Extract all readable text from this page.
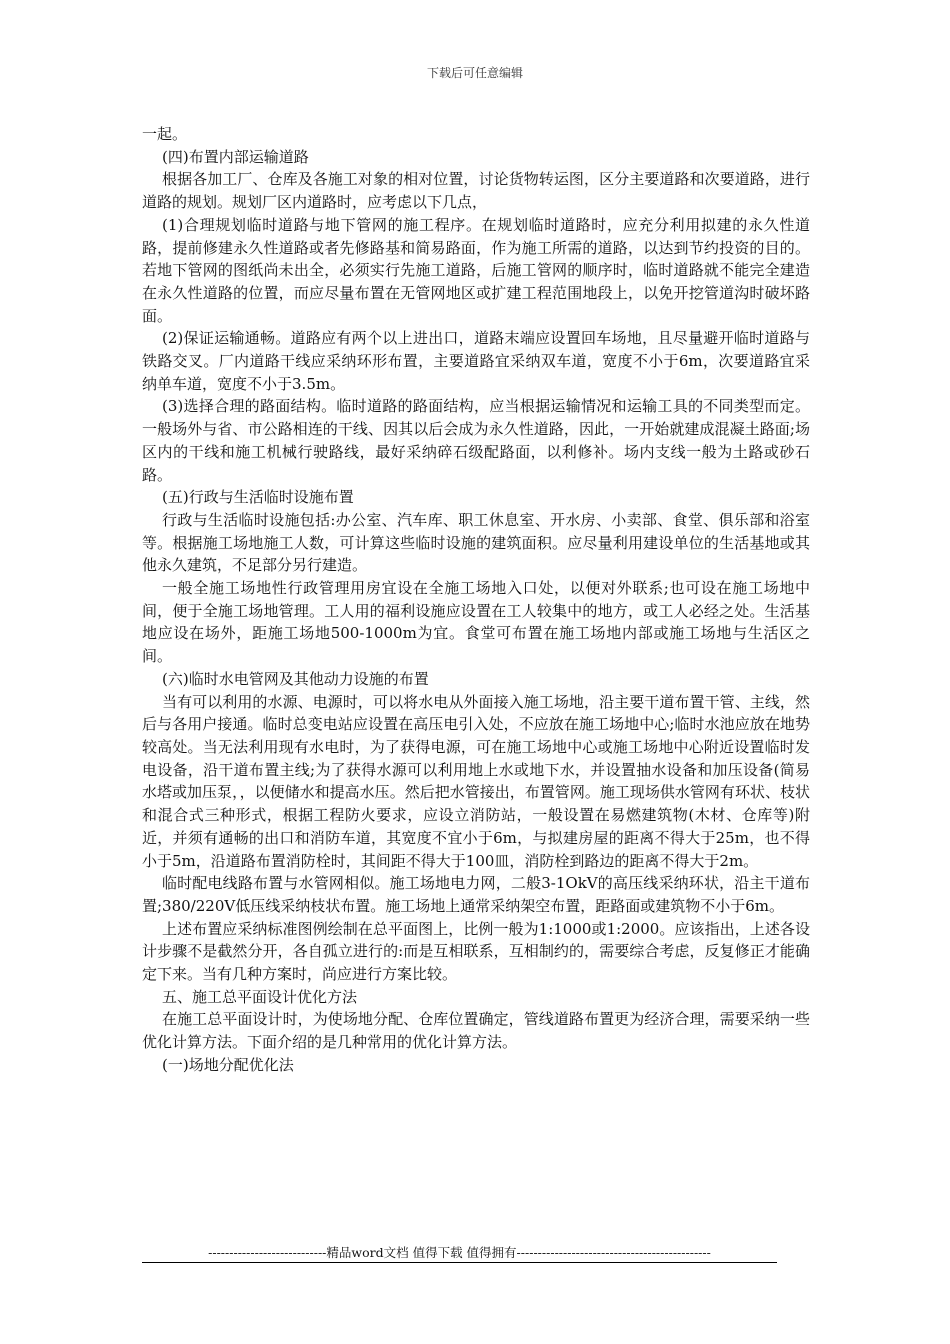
下载后可任意编辑

一起。

(四)布置内部运输道路

根据各加工厂、仓库及各施工对象的相对位置，讨论货物转运图，区分主要道路和次要道路，进行道路的规划。规划厂区内道路时，应考虑以下几点，

(1)合理规划临时道路与地下管网的施工程序。在规划临时道路时，应充分利用拟建的永久性道路，提前修建永久性道路或者先修路基和简易路面，作为施工所需的道路，以达到节约投资的目的。若地下管网的图纸尚未出全，必须实行先施工道路，后施工管网的顺序时，临时道路就不能完全建造在永久性道路的位置，而应尽量布置在无管网地区或扩建工程范围地段上，以免开挖管道沟时破坏路面。

(2)保证运输通畅。道路应有两个以上进出口，道路末端应设置回车场地，且尽量避开临时道路与铁路交叉。厂内道路干线应采纳环形布置，主要道路宜采纳双车道，宽度不小于6m，次要道路宜采纳单车道，宽度不小于3.5m。

(3)选择合理的路面结构。临时道路的路面结构，应当根据运输情况和运输工具的不同类型而定。一般场外与省、市公路相连的干线、因其以后会成为永久性道路，因此，一开始就建成混凝土路面;场区内的干线和施工机械行驶路线，最好采纳碎石级配路面，以利修补。场内支线一般为土路或砂石路。

(五)行政与生活临时设施布置

行政与生活临时设施包括:办公室、汽车库、职工休息室、开水房、小卖部、食堂、俱乐部和浴室等。根据施工场地施工人数，可计算这些临时设施的建筑面积。应尽量利用建设单位的生活基地或其他永久建筑，不足部分另行建造。

一般全施工场地性行政管理用房宜设在全施工场地入口处，以便对外联系;也可设在施工场地中间，便于全施工场地管理。工人用的福利设施应设置在工人较集中的地方，或工人必经之处。生活基地应设在场外，距施工场地500-1000m为宜。食堂可布置在施工场地内部或施工场地与生活区之间。

(六)临时水电管网及其他动力设施的布置

当有可以利用的水源、电源时，可以将水电从外面接入施工场地，沿主要干道布置干管、主线，然后与各用户接通。临时总变电站应设置在高压电引入处，不应放在施工场地中心;临时水池应放在地势较高处。当无法利用现有水电时，为了获得电源，可在施工场地中心或施工场地中心附近设置临时发电设备，沿干道布置主线;为了获得水源可以利用地上水或地下水，并设置抽水设备和加压设备(简易水塔或加压泵，，以便储水和提高水压。然后把水管接出，布置管网。施工现场供水管网有环状、枝状和混合式三种形式，根据工程防火要求，应设立消防站，一般设置在易燃建筑物(木材、仓库等)附近，并须有通畅的出口和消防车道，其宽度不宜小于6m，与拟建房屋的距离不得大于25m，也不得小于5m，沿道路布置消防栓时，其间距不得大于100皿，消防栓到路边的距离不得大于2m。

临时配电线路布置与水管网相似。施工场地电力网，二般3-1OkV的高压线采纳环状，沿主干道布置;380/220V低压线采纳枝状布置。施工场地上通常采纳架空布置，距路面或建筑物不小于6m。

上述布置应采纳标准图例绘制在总平面图上，比例一般为1:1000或1:2000。应该指出，上述各设计步骤不是截然分开，各自孤立进行的:而是互相联系，互相制约的，需要综合考虑，反复修正才能确定下来。当有几种方案时，尚应进行方案比较。

五、施工总平面设计优化方法

在施工总平面设计时，为使场地分配、仓库位置确定，管线道路布置更为经济合理，需要采纳一些优化计算方法。下面介绍的是几种常用的优化计算方法。

(一)场地分配优化法

----------------------------精品word文档 值得下载 值得拥有----------------------------------------------
